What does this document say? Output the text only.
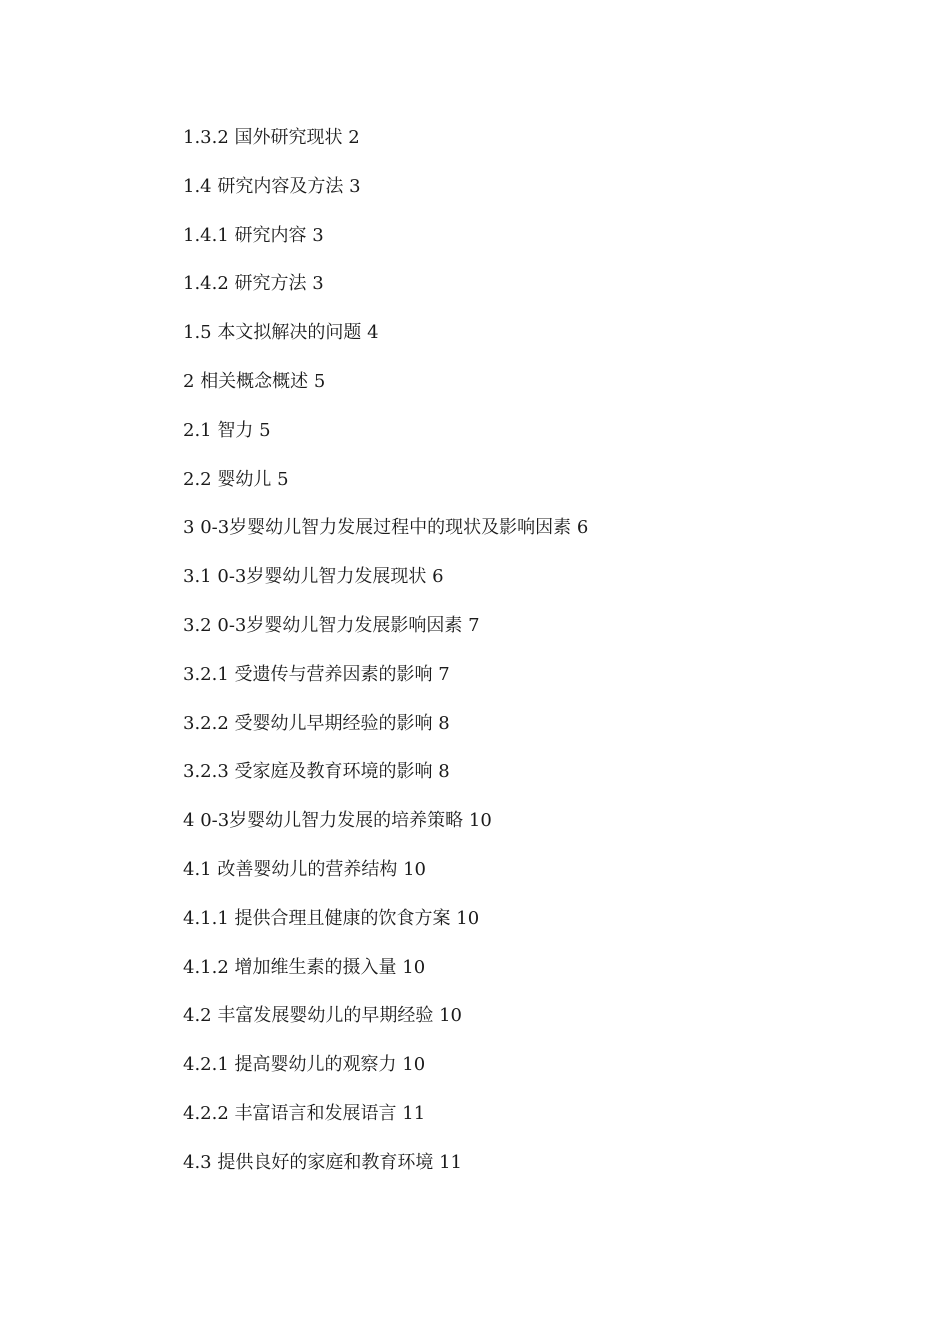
1.3.2 国外研究现状 2
1.4 研究内容及方法 3
1.4.1 研究内容 3
1.4.2 研究方法 3
1.5 本文拟解决的问题 4
2 相关概念概述 5
2.1 智力 5
2.2 婴幼儿 5
3 0-3岁婴幼儿智力发展过程中的现状及影响因素 6
3.1 0-3岁婴幼儿智力发展现状 6
3.2 0-3岁婴幼儿智力发展影响因素 7
3.2.1 受遗传与营养因素的影响 7
3.2.2 受婴幼儿早期经验的影响 8
3.2.3 受家庭及教育环境的影响 8
4 0-3岁婴幼儿智力发展的培养策略 10
4.1 改善婴幼儿的营养结构 10
4.1.1 提供合理且健康的饮食方案 10
4.1.2 增加维生素的摄入量 10
4.2 丰富发展婴幼儿的早期经验 10
4.2.1 提高婴幼儿的观察力 10
4.2.2 丰富语言和发展语言 11
4.3 提供良好的家庭和教育环境 11
